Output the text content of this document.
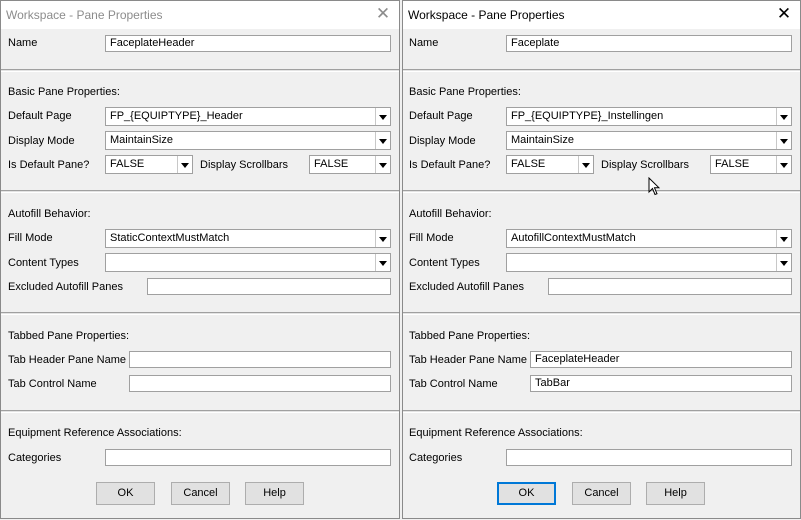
Workspace - Pane Properties	✕
Name	FaceplateHeader
Basic Pane Properties:
Default Page	FP_{EQUIPTYPE}_Header
Display Mode	MaintainSize
Is Default Pane? FALSE	Display Scrollbars FALSE
Autofill Behavior:
Fill Mode	StaticContextMustMatch
Content Types
Excluded Autofill Panes
Tabbed Pane Properties:
Tab Header Pane Name
Tab Control Name
Equipment Reference Associations:
Categories
OK	Cancel	Help
Workspace - Pane Properties	✕
Name	Faceplate
Basic Pane Properties:
Default Page	FP_{EQUIPTYPE}_Instellingen
Display Mode	MaintainSize
Is Default Pane? FALSE	Display Scrollbars FALSE
Autofill Behavior:
Fill Mode	AutofillContextMustMatch
Content Types
Excluded Autofill Panes
Tabbed Pane Properties:
Tab Header Pane Name FaceplateHeader
Tab Control Name	TabBar
Equipment Reference Associations:
Categories
OK	Cancel	Help
